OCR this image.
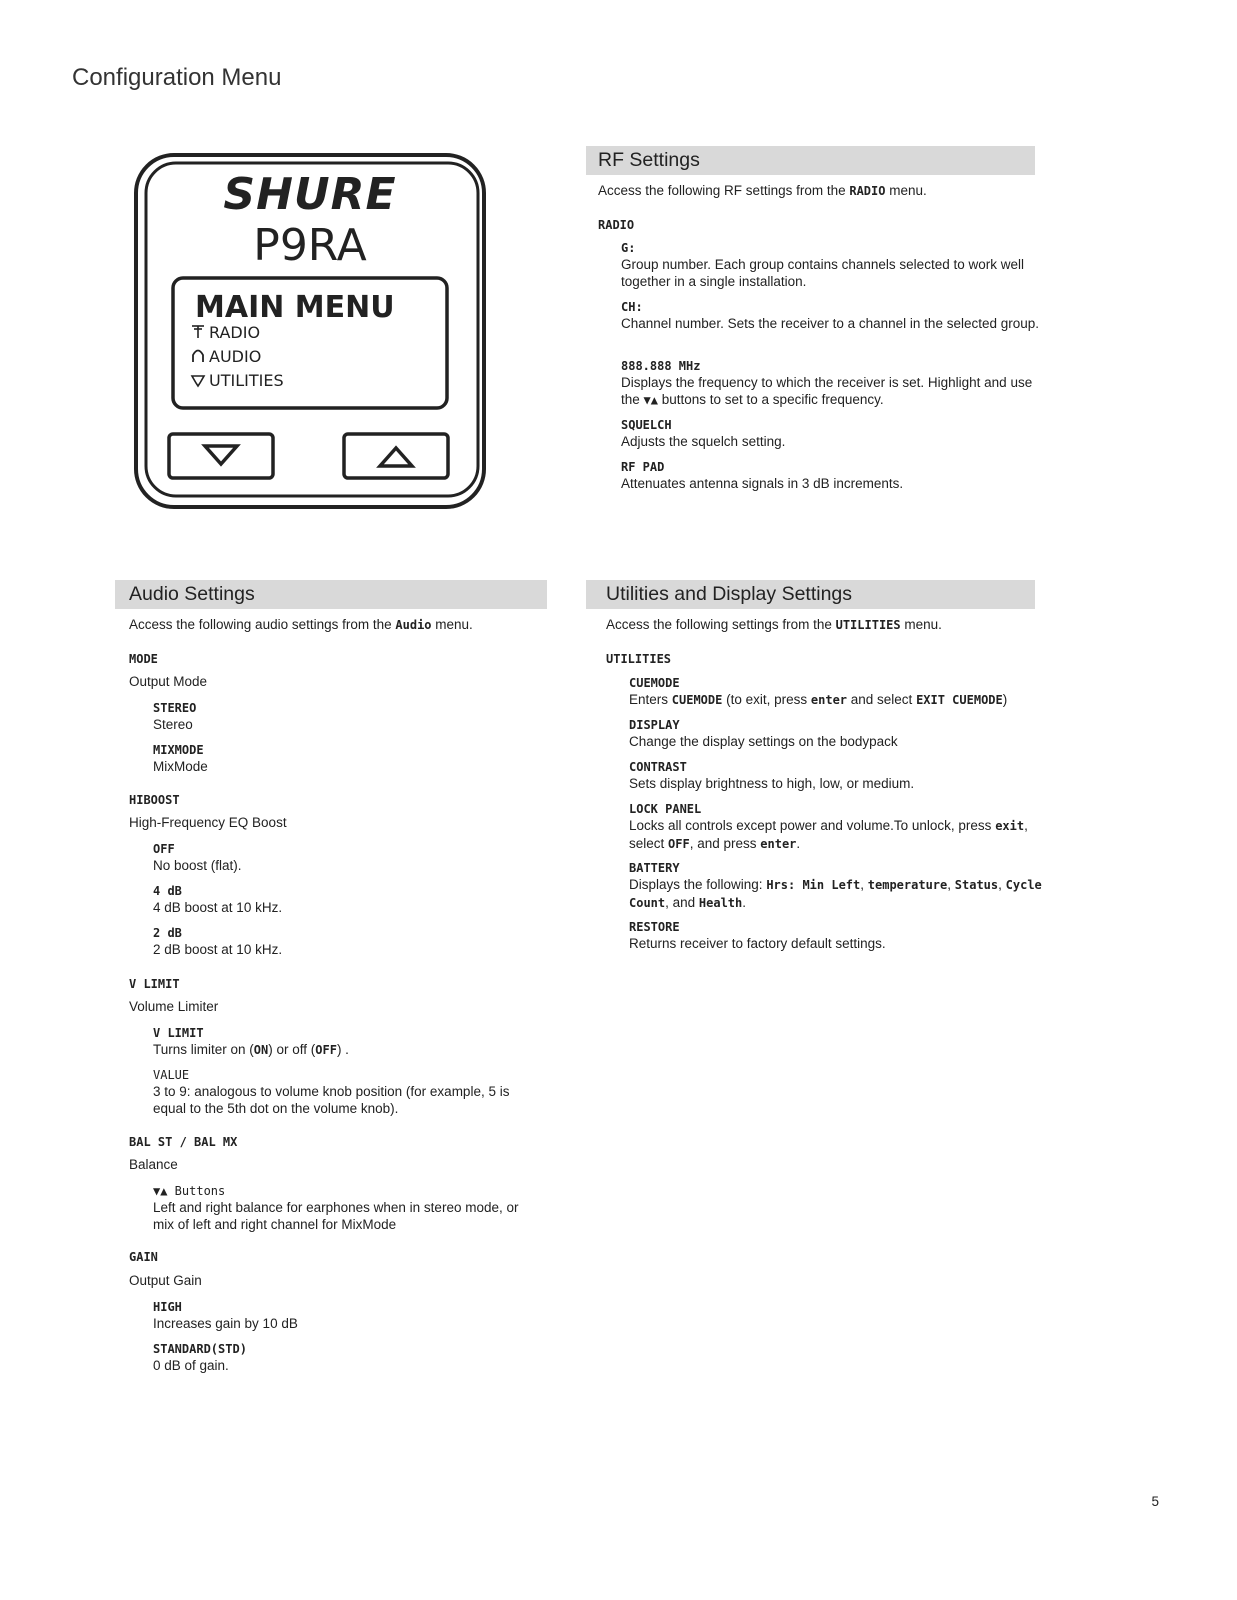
Configuration Menu
SHURE
P9RA
MAIN MENU
RADIO
AUDIO
UTILITIES
RF Settings
Access the following RF settings from the RADIO menu.
RADIO
G:
Group number. Each group contains channels selected to work well together in a single installation.
CH:
Channel number. Sets the receiver to a channel in the selected group.
888.888 MHz
Displays the frequency to which the receiver is set. Highlight and use the ▼▲ buttons to set to a specific frequency.
SQUELCH
Adjusts the squelch setting.
RF PAD
Attenuates antenna signals in 3 dB increments.
Audio Settings
Access the following audio settings from the Audio menu.
MODE
Output Mode
STEREO
Stereo
MIXMODE
MixMode
HIBOOST
High-Frequency EQ Boost
OFF
No boost (flat).
4 dB
4 dB boost at 10 kHz.
2 dB
2 dB boost at 10 kHz.
V LIMIT
Volume Limiter
V LIMIT
Turns limiter on (ON) or off (OFF) .
VALUE
3 to 9: analogous to volume knob position (for example, 5 is equal to the 5th dot on the volume knob).
BAL ST / BAL MX
Balance
▼▲ Buttons
Left and right balance for earphones when in stereo mode, or mix of left and right channel for MixMode
GAIN
Output Gain
HIGH
Increases gain by 10 dB
STANDARD(STD)
0 dB of gain.
Utilities and Display Settings
Access the following settings from the UTILITIES menu.
UTILITIES
CUEMODE
Enters CUEMODE (to exit, press enter and select EXIT CUEMODE)
DISPLAY
Change the display settings on the bodypack
CONTRAST
Sets display brightness to high, low, or medium.
LOCK PANEL
Locks all controls except power and volume.To unlock, press exit,
select OFF, and press enter.
BATTERY
Displays the following: Hrs: Min Left, temperature, Status, Cycle
Count, and Health.
RESTORE
Returns receiver to factory default settings.
5
